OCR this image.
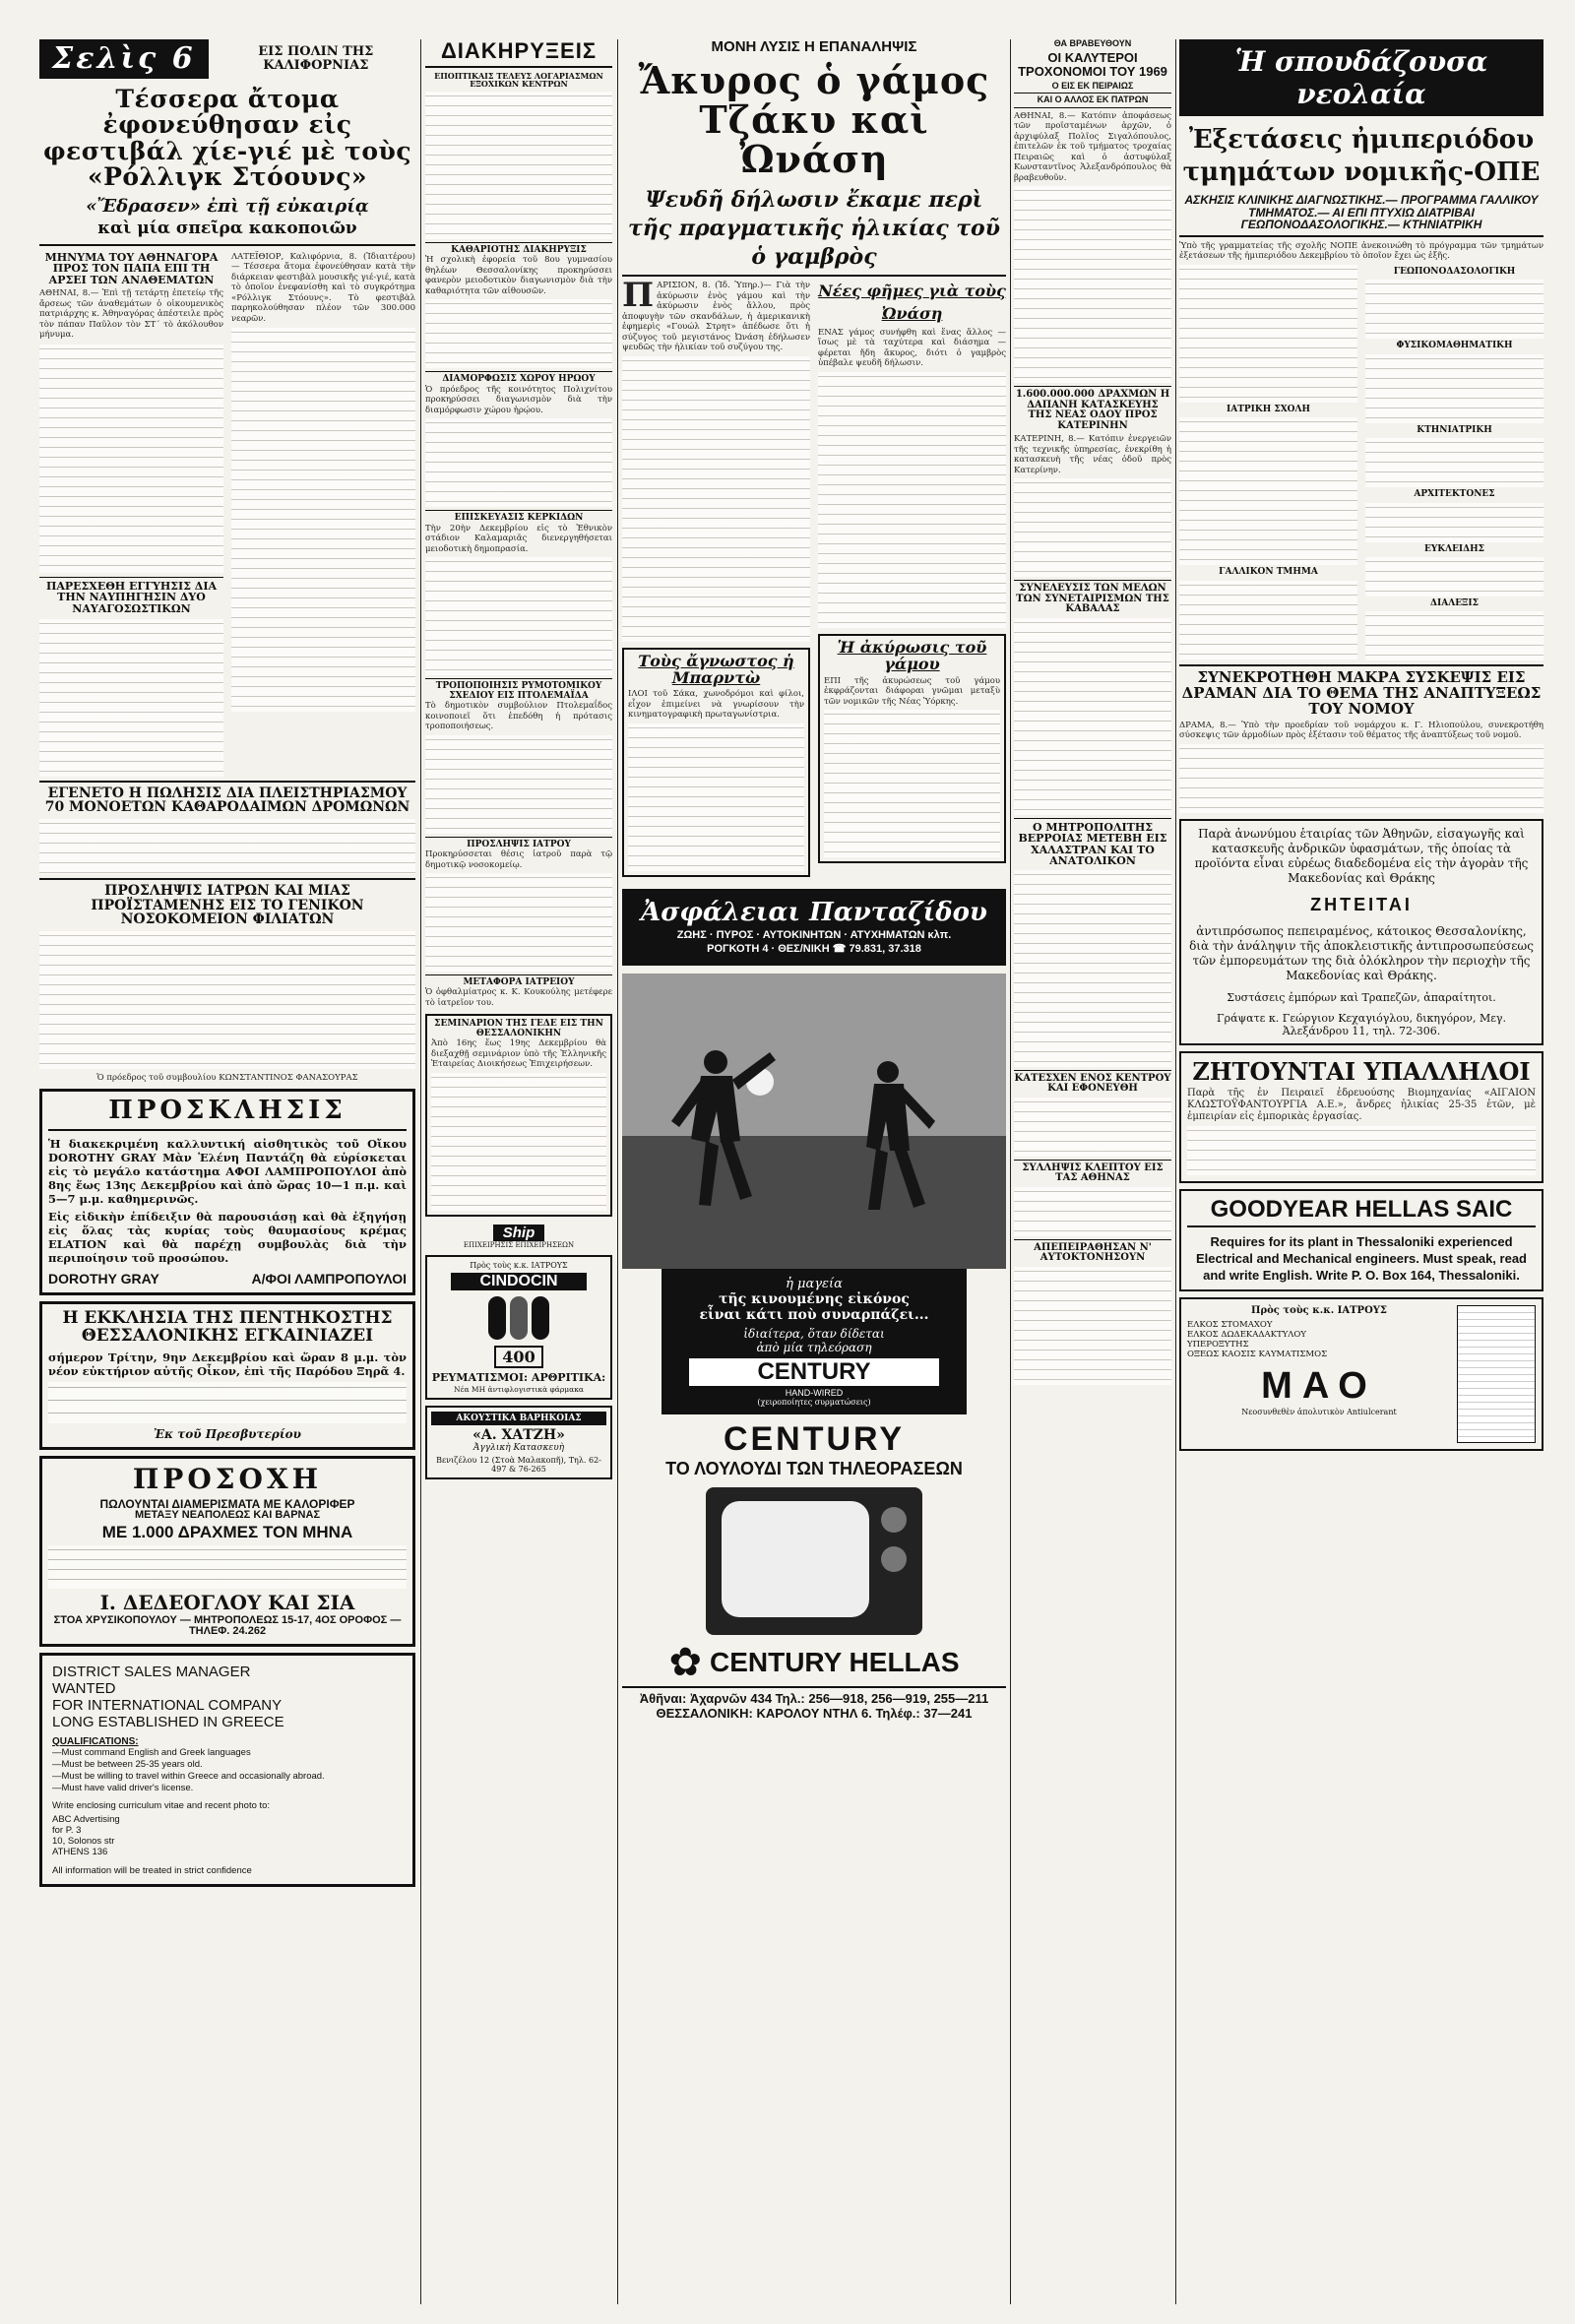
Σελὶς 6	ΕΙΣ ΠΟΛΙΝ ΤΗΣ ΚΑΛΙΦΟΡΝΙΑΣ
Τέσσερα ἄτομα ἐφονεύθησαν εἰς φεστιβάλ χίε-γιέ μὲ τοὺς «Ρόλλιγκ Στόουνς»
«Ἔδρασεν» ἐπὶ τῇ εὐκαιρίᾳ
καὶ μία σπεῖρα κακοποιῶν
ΜΗΝΥΜΑ ΤΟΥ ΑΘΗΝΑΓΟΡΑ ΠΡΟΣ ΤΟΝ ΠΑΠΑ ΕΠΙ ΤΗ ΑΡΣΕΙ ΤΩΝ ΑΝΑΘΕΜΑΤΩΝ
ΑΘΗΝΑΙ, 8.— Ἐπὶ τῇ τετάρτῃ ἐπετείῳ τῆς ἄρσεως τῶν ἀναθεμάτων ὁ οἰκουμενικὸς πατριάρχης κ. Ἀθηναγόρας ἀπέστειλε πρὸς τὸν πάπαν Παῦλον τὸν ΣΤ΄ τὸ ἀκόλουθον μήνυμα.
ΠΑΡΕΣΧΕΘΗ ΕΓΓΥΗΣΙΣ ΔΙΑ ΤΗΝ ΝΑΥΠΗΓΗΣΙΝ ΔΥΟ ΝΑΥΑΓΟΣΩΣΤΙΚΩΝ
ΛΑΤΕΪΘΙΟΡ, Καλιφόρνια, 8. (Ἰδιαιτέρου) — Τέσσερα ἄτομα ἐφονεύθησαν κατὰ τὴν διάρκειαν φεστιβὰλ μουσικῆς γιέ-γιέ, κατὰ τὸ ὁποῖον ἐνεφανίσθη καὶ τὸ συγκρότημα «Ρόλλιγκ Στόουνς». Τὸ φεστιβὰλ παρηκολούθησαν πλέον τῶν 300.000 νεαρῶν.
ΕΓΕΝΕΤΟ Η ΠΩΛΗΣΙΣ ΔΙΑ ΠΛΕΙΣΤΗΡΙΑΣΜΟΥ 70 ΜΟΝΟΕΤΩΝ ΚΑΘΑΡΟΔΑΙΜΩΝ ΔΡΟΜΩΝΩΝ
ΠΡΟΣΛΗΨΙΣ ΙΑΤΡΩΝ ΚΑΙ ΜΙΑΣ ΠΡΟΪΣΤΑΜΕΝΗΣ ΕΙΣ ΤΟ ΓΕΝΙΚΟΝ ΝΟΣΟΚΟΜΕΙΟΝ ΦΙΛΙΑΤΩΝ
Ὁ πρόεδρος τοῦ συμβουλίου ΚΩΝΣΤΑΝΤΙΝΟΣ ΦΑΝΑΣΟΥΡΑΣ
ΠΡΟΣΚΛΗΣΙΣ
Ἡ διακεκριμένη καλλυντική αἰσθητικὸς τοῦ Οἴκου DOROTHY GRAY Μὰν Ἑλένη Παντάζη θὰ εὑρίσκεται εἰς τὸ μεγάλο κατάστημα ΑΦΟΙ ΛΑΜΠΡΟΠΟΥΛΟΙ ἀπὸ 8ης ἕως 13ης Δεκεμβρίου καὶ ἀπὸ ὥρας 10—1 π.μ. καὶ 5—7 μ.μ. καθημερινῶς.
Εἰς εἰδικὴν ἐπίδειξιν θὰ παρουσιάσῃ καὶ θὰ ἐξηγήσῃ εἰς ὅλας τὰς κυρίας τοὺς θαυμασίους κρέμας ELATION καὶ θὰ παρέχῃ συμβουλὰς διὰ τὴν περιποίησιν τοῦ προσώπου.
DOROTHY GRAY	Α/ΦΟΙ ΛΑΜΠΡΟΠΟΥΛΟΙ
Η ΕΚΚΛΗΣΙΑ ΤΗΣ ΠΕΝΤΗΚΟΣΤΗΣ ΘΕΣΣΑΛΟΝΙΚΗΣ ΕΓΚΑΙΝΙΑΖΕΙ
σήμερον Τρίτην, 9ην Δεκεμβρίου καὶ ὥραν 8 μ.μ. τὸν νέον εὐκτήριον αὐτῆς Οἶκον, ἐπὶ τῆς Παρόδου Ξηρᾶ 4.
Ἐκ τοῦ Πρεσβυτερίου
ΠΡΟΣΟΧΗ
ΠΩΛΟΥΝΤΑΙ ΔΙΑΜΕΡΙΣΜΑΤΑ ΜΕ ΚΑΛΟΡΙΦΕΡ
ΜΕΤΑΞΥ ΝΕΑΠΟΛΕΩΣ ΚΑΙ ΒΑΡΝΑΣ
ΜΕ 1.000 ΔΡΑΧΜΕΣ ΤΟΝ ΜΗΝΑ
Ι. ΔΕΔΕΟΓΛΟΥ ΚΑΙ ΣΙΑ
ΣΤΟΑ ΧΡΥΣΙΚΟΠΟΥΛΟΥ — ΜΗΤΡΟΠΟΛΕΩΣ 15-17, 4ΟΣ ΟΡΟΦΟΣ — ΤΗΛΕΦ. 24.262
DISTRICT SALES MANAGER
WANTED
FOR INTERNATIONAL COMPANY
LONG ESTABLISHED IN GREECE
QUALIFICATIONS:
—Must command English and Greek languages
—Must be between 25-35 years old.
—Must be willing to travel within Greece and occasionally abroad.
—Must have valid driver's license.
Write enclosing curriculum vitae and recent photo to:
ABC Advertising
for P. 3
10, Solonos str
ATHENS 136
All information will be treated in strict confidence
ΔΙΑΚΗΡΥΞΕΙΣ
ΕΠΟΠΤΙΚΑΙΣ ΤΕΛΕΥΣ ΛΟΓΑΡΙΑΣΜΩΝ ΕΞΟΧΙΚΩΝ ΚΕΝΤΡΩΝ
ΚΑΘΑΡΙΟΤΗΣ ΔΙΑΚΗΡΥΞΙΣ
Ἡ σχολικὴ ἐφορεία τοῦ 8ου γυμνασίου θηλέων Θεσσαλονίκης προκηρύσσει φανερὸν μειοδοτικὸν διαγωνισμὸν διὰ τὴν καθαριότητα τῶν αἰθουσῶν.
ΔΙΑΜΟΡΦΩΣΙΣ ΧΩΡΟΥ ΗΡΩΟΥ
Ὁ πρόεδρος τῆς κοινότητος Πολιχνίτου προκηρύσσει διαγωνισμὸν διὰ τὴν διαμόρφωσιν χώρου ἡρῴου.
ΕΠΙΣΚΕΥΑΣΙΣ ΚΕΡΚΙΔΩΝ
Τὴν 20ὴν Δεκεμβρίου εἰς τὸ Ἐθνικὸν στάδιον Καλαμαριᾶς διενεργηθήσεται μειοδοτικὴ δημοπρασία.
ΤΡΟΠΟΠΟΙΗΣΙΣ ΡΥΜΟΤΟΜΙΚΟΥ ΣΧΕΔΙΟΥ ΕΙΣ ΠΤΟΛΕΜΑΪΔΑ
Τὸ δημοτικὸν συμβούλιον Πτολεμαΐδος κοινοποιεῖ ὅτι ἐπεδόθη ἡ πρότασις τροποποιήσεως.
ΠΡΟΣΛΗΨΙΣ ΙΑΤΡΟΥ
Προκηρύσσεται θέσις ἰατροῦ παρὰ τῷ δημοτικῷ νοσοκομείῳ.
ΜΕΤΑΦΟΡΑ ΙΑΤΡΕΙΟΥ
Ὁ ὀφθαλμίατρος κ. Κ. Κουκούλης μετέφερε τὸ ἰατρεῖον του.
ΣΕΜΙΝΑΡΙΟΝ ΤΗΣ ΓΕΔΕ ΕΙΣ ΤΗΝ ΘΕΣΣΑΛΟΝΙΚΗΝ
Ἀπὸ 16ης ἕως 19ης Δεκεμβρίου θὰ διεξαχθῇ σεμινάριον ὑπὸ τῆς Ἑλληνικῆς Ἑταιρείας Διοικήσεως Ἐπιχειρήσεων.
Ship
ΕΠΙΧΕΙΡΗΣΙΣ ΕΠΙΧΕΙΡΗΣΕΩΝ
Πρὸς τοὺς κ.κ. ΙΑΤΡΟΥΣ
CINDOCIN
400
ΡΕΥΜΑΤΙΣΜΟΙ: ΑΡΘΡΙΤΙΚΑ:
Νέα ΜΗ ἀντιφλογιστικὰ φάρμακα
ΑΚΟΥΣΤΙΚΑ ΒΑΡΗΚΟΙΑΣ
«Α. ΧΑΤΖΗ»
Ἀγγλικὴ Κατασκευὴ
Βενιζέλου 12 (Στοὰ Μαλακοπῆ), Τηλ. 62-497 & 76-265
ΜΟΝΗ ΛΥΣΙΣ Η ΕΠΑΝΑΛΗΨΙΣ
Ἄκυρος ὁ γάμος Τζάκυ καὶ Ὠνάση
Ψευδῆ δήλωσιν ἔκαμε περὶ τῆς πραγματικῆς ἡλικίας τοῦ ὁ γαμβρὸς
Π ΑΡΙΣΙΟΝ, 8. (Ἰδ. Ὑπηρ.)— Γιὰ τὴν ἀκύρωσιν ἐνὸς γάμου καὶ τὴν ἀκύρωσιν ἑνὸς ἄλλου, πρὸς ἀποφυγὴν τῶν σκανδάλων, ἡ ἀμερικανικὴ ἐφημερὶς «Γουώλ Στρητ» ἀπέδωσε ὅτι ἡ σύζυγος τοῦ μεγιστάνος Ὠνάση ἐδήλωσεν ψευδῶς τὴν ἡλικίαν τοῦ συζύγου της.
Τοὺς ἄγνωστος ἡ Μπαρντὼ
ΙΛΟΙ τοῦ Σάκα, χωνοδρόμοι καὶ φίλοι, εἶχον ἐπιμείνει νὰ γνωρίσουν τὴν κινηματογραφικὴ πρωταγωνίστρια.
Νέες φῆμες γιὰ τοὺς Ὠνάση
ΕΝΑΣ γάμος συνήφθη καὶ ἕνας ἄλλος — ἴσως μὲ τὰ ταχύτερα καὶ διάσημα — φέρεται ἤδη ἄκυρος, διότι ὁ γαμβρὸς ὑπέβαλε ψευδῆ δήλωσιν.
Ἡ ἀκύρωσις τοῦ γάμου
ΕΠΙ τῆς ἀκυρώσεως τοῦ γάμου ἐκφράζονται διάφοραι γνῶμαι μεταξὺ τῶν νομικῶν τῆς Νέας Ὑόρκης.
Ἀσφάλειαι Πανταζίδου
ΖΩΗΣ · ΠΥΡΟΣ · ΑΥΤΟΚΙΝΗΤΩΝ · ΑΤΥΧΗΜΑΤΩΝ κλπ.
ΡΟΓΚΟΤΗ 4 · ΘΕΣ/ΝΙΚΗ ☎ 79.831, 37.318
ἡ μαγεία
τῆς κινουμένης εἰκόνος
εἶναι κάτι ποὺ συναρπάζει...
ἰδιαίτερα, ὅταν δίδεται
ἀπὸ μία τηλεόραση
CENTURY
HAND-WIRED
(χειροποίητες συρματώσεις)
CENTURY
ΤΟ ΛΟΥΛΟΥΔΙ ΤΩΝ ΤΗΛΕΟΡΑΣΕΩΝ
✿ CENTURY HELLAS
Ἀθῆναι: Ἀχαρνῶν 434 Τηλ.: 256—918, 256—919, 255—211
ΘΕΣΣΑΛΟΝΙΚΗ: ΚΑΡΟΛΟΥ ΝΤΗΛ 6. Τηλέφ.: 37—241
ΘΑ ΒΡΑΒΕΥΘΟΥΝ
ΟΙ ΚΑΛΥΤΕΡΟΙ ΤΡΟΧΟΝΟΜΟΙ ΤΟΥ 1969
Ο ΕΙΣ ΕΚ ΠΕΙΡΑΙΩΣ
ΚΑΙ Ο ΑΛΛΟΣ ΕΚ ΠΑΤΡΩΝ
ΑΘΗΝΑΙ, 8.— Κατόπιν ἀποφάσεως τῶν προϊσταμένων ἀρχῶν, ὁ ἀρχιφύλαξ Πολῖος Σιγαλόπουλος, ἐπιτελῶν ἐκ τοῦ τμήματος τροχαίας Πειραιῶς καὶ ὁ ἀστυφύλαξ Κωνσταντῖνος Ἀλεξανδρόπουλος θὰ βραβευθοῦν.
1.600.000.000 ΔΡΑΧΜΩΝ Η ΔΑΠΑΝΗ ΚΑΤΑΣΚΕΥΗΣ ΤΗΣ ΝΕΑΣ ΟΔΟΥ ΠΡΟΣ ΚΑΤΕΡΙΝΗΝ
ΚΑΤΕΡΙΝΗ, 8.— Κατόπιν ἐνεργειῶν τῆς τεχνικῆς ὑπηρεσίας, ἐνεκρίθη ἡ κατασκευὴ τῆς νέας ὁδοῦ πρὸς Κατερίνην.
ΣΥΝΕΛΕΥΣΙΣ ΤΩΝ ΜΕΛΩΝ ΤΩΝ ΣΥΝΕΤΑΙΡΙΣΜΩΝ ΤΗΣ ΚΑΒΑΛΑΣ
Ο ΜΗΤΡΟΠΟΛΙΤΗΣ ΒΕΡΡΟΙΑΣ ΜΕΤΕΒΗ ΕΙΣ ΧΑΛΑΣΤΡΑΝ ΚΑΙ ΤΟ ΑΝΑΤΟΛΙΚΟΝ
ΚΑΤΕΣΧΕΝ ΕΝΟΣ ΚΕΝΤΡΟΥ ΚΑΙ ΕΦΟΝΕΥΘΗ
ΣΥΛΛΗΨΙΣ ΚΛΕΠΤΟΥ ΕΙΣ ΤΑΣ ΑΘΗΝΑΣ
ΑΠΕΠΕΙΡΑΘΗΣΑΝ Ν' ΑΥΤΟΚΤΟΝΗΣΟΥΝ
Ἡ σπουδάζουσα νεολαία
Ἐξετάσεις ἠμιπεριόδου τμημάτων νομικῆς-ΟΠΕ
ΑΣΚΗΣΙΣ ΚΛΙΝΙΚΗΣ ΔΙΑΓΝΩΣΤΙΚΗΣ.— ΠΡΟΓΡΑΜΜΑ ΓΑΛΛΙΚΟΥ ΤΜΗΜΑΤΟΣ.— ΑΙ ΕΠΙ ΠΤΥΧΙΩ ΔΙΑΤΡΙΒΑΙ ΓΕΩΠΟΝΟΔΑΣΟΛΟΓΙΚΗΣ.— ΚΤΗΝΙΑΤΡΙΚΗ
Ὑπὸ τῆς γραμματείας τῆς σχολῆς ΝΟΠΕ ἀνεκοινώθη τὸ πρόγραμμα τῶν τμημάτων ἐξετάσεων τῆς ἠμιπεριόδου Δεκεμβρίου τὸ ὁποῖον ἔχει ὡς ἑξῆς.
ΙΑΤΡΙΚΗ ΣΧΟΛΗ
ΓΑΛΛΙΚΟΝ ΤΜΗΜΑ
ΓΕΩΠΟΝΟΔΑΣΟΛΟΓΙΚΗ
ΦΥΣΙΚΟΜΑΘΗΜΑΤΙΚΗ
ΚΤΗΝΙΑΤΡΙΚΗ
ΑΡΧΙΤΕΚΤΟΝΕΣ
ΕΥΚΛΕΙΔΗΣ
ΔΙΑΛΕΞΙΣ
ΣΥΝΕΚΡΟΤΗΘΗ ΜΑΚΡΑ ΣΥΣΚΕΨΙΣ ΕΙΣ ΔΡΑΜΑΝ ΔΙΑ ΤΟ ΘΕΜΑ ΤΗΣ ΑΝΑΠΤΥΞΕΩΣ ΤΟΥ ΝΟΜΟΥ
ΔΡΑΜΑ, 8.— Ὑπὸ τὴν προεδρίαν τοῦ νομάρχου κ. Γ. Ηλιοπούλου, συνεκροτήθη σύσκεψις τῶν ἀρμοδίων πρὸς ἐξέτασιν τοῦ θέματος τῆς ἀναπτύξεως τοῦ νομοῦ.
Παρὰ ἀνωνύμου ἑταιρίας τῶν Ἀθηνῶν, εἰσαγωγῆς καὶ κατασκευῆς ἀνδρικῶν ὑφασμάτων, τῆς ὁποίας τὰ προϊόντα εἶναι εὐρέως διαδεδομένα εἰς τὴν ἀγορὰν τῆς Μακεδονίας καὶ Θράκης
ΖΗΤΕΙΤΑΙ
ἀντιπρόσωπος πεπειραμένος, κάτοικος Θεσσαλονίκης, διὰ τὴν ἀνάληψιν τῆς ἀποκλειστικῆς ἀντιπροσωπεύσεως τῶν ἐμπορευμάτων της διὰ ὁλόκληρον τὴν περιοχὴν τῆς Μακεδονίας καὶ Θράκης.
Συστάσεις ἐμπόρων καὶ Τραπεζῶν, ἀπαραίτητοι.
Γράψατε κ. Γεώργιον Κεχαγιόγλου, δικηγόρον, Μεγ. Ἀλεξάνδρου 11, τηλ. 72-306.
ΖΗΤΟΥΝΤΑΙ ΥΠΑΛΛΗΛΟΙ
Παρὰ τῆς ἐν Πειραιεῖ ἐδρευούσης Βιομηχανίας «ΑΙΓΑΙΟΝ ΚΛΩΣΤΟΫΦΑΝΤΟΥΡΓΙΑ Α.Ε.», ἄνδρες ἡλικίας 25-35 ἐτῶν, μὲ ἐμπειρίαν εἰς ἐμπορικὰς ἐργασίας.
GOODYEAR HELLAS SAIC
Requires for its plant in Thessaloniki experienced Electrical and Mechanical engineers. Must speak, read and write English. Write P. O. Box 164, Thessaloniki.
Πρὸς τοὺς κ.κ. ΙΑΤΡΟΥΣ
ΕΛΚΟΣ ΣΤΟΜΑΧΟΥ
ΕΛΚΟΣ ΔΩΔΕΚΑΔΑΚΤΥΛΟΥ
ΥΠΕΡΟΞΥΤΗΣ
ΟΞΕΩΣ ΚΑΟΣΙΣ ΚΑΥΜΑΤΙΣΜΟΣ
ΜΑΟ
Νεοσυνθεθὲν ἀπολυτικὸν Antiulcerant
